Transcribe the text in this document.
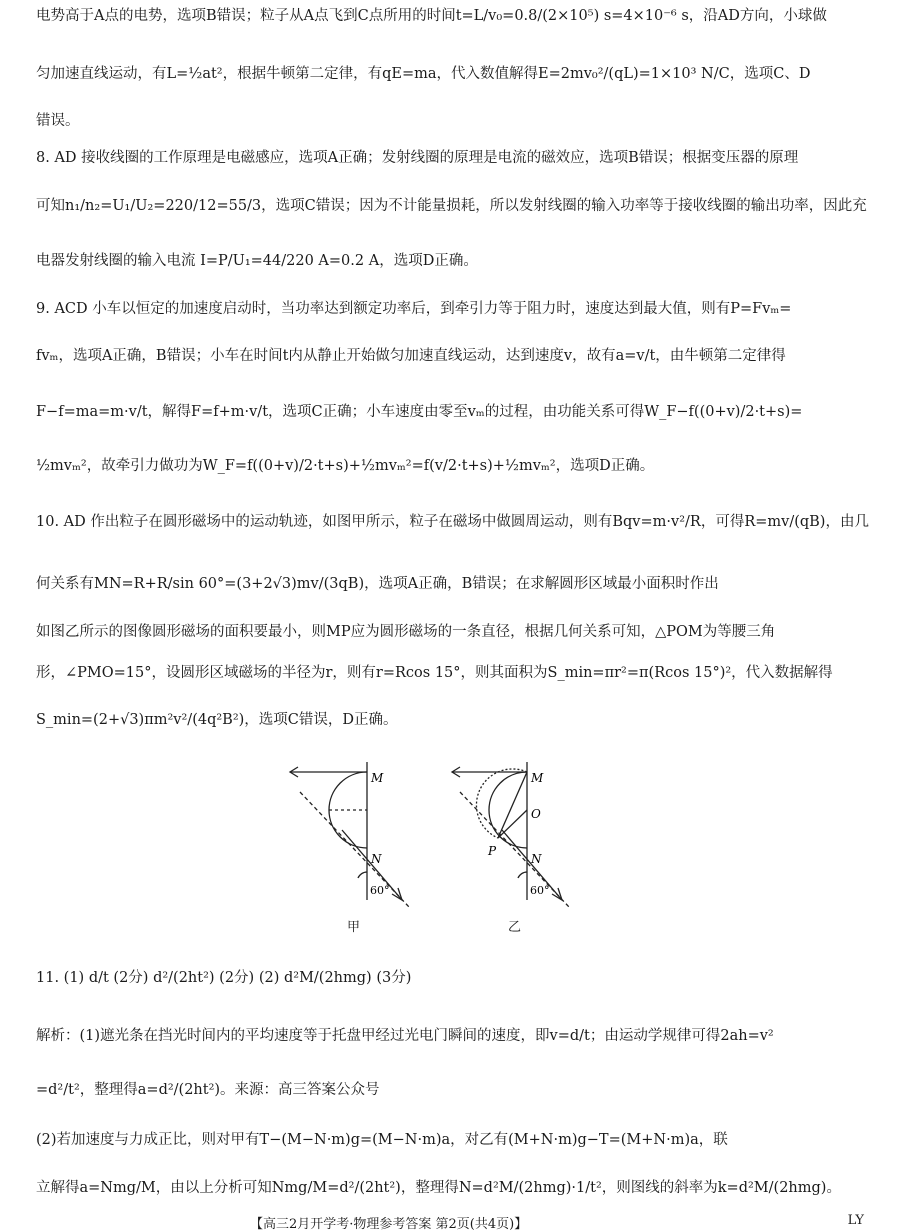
电势高于A点的电势，选项B错误；粒子从A点飞到C点所用的时间t=L/v₀=0.8/(2×10⁵) s=4×10⁻⁶ s，沿AD方向，小球做
匀加速直线运动，有L=½at²，根据牛顿第二定律，有qE=ma，代入数值解得E=2mv₀²/(qL)=1×10³ N/C，选项C、D
错误。
8. AD 接收线圈的工作原理是电磁感应，选项A正确；发射线圈的原理是电流的磁效应，选项B错误；根据变压器的原理
可知n₁/n₂=U₁/U₂=220/12=55/3，选项C错误；因为不计能量损耗，所以发射线圈的输入功率等于接收线圈的输出功率，因此充
电器发射线圈的输入电流 I=P/U₁=44/220 A=0.2 A，选项D正确。
9. ACD 小车以恒定的加速度启动时，当功率达到额定功率后，到牵引力等于阻力时，速度达到最大值，则有P=Fvₘ=
fvₘ，选项A正确，B错误；小车在时间t内从静止开始做匀加速直线运动，达到速度v，故有a=v/t，由牛顿第二定律得
F−f=ma=m·v/t，解得F=f+m·v/t，选项C正确；小车速度由零至vₘ的过程，由功能关系可得W_F−f((0+v)/2·t+s)=
½mvₘ²，故牵引力做功为W_F=f((0+v)/2·t+s)+½mvₘ²=f(v/2·t+s)+½mvₘ²，选项D正确。
10. AD 作出粒子在圆形磁场中的运动轨迹，如图甲所示，粒子在磁场中做圆周运动，则有Bqv=m·v²/R，可得R=mv/(qB)，由几
何关系有MN=R+R/sin 60°=(3+2√3)mv/(3qB)，选项A正确，B错误；在求解圆形区域最小面积时作出
如图乙所示的图像圆形磁场的面积要最小，则MP应为圆形磁场的一条直径，根据几何关系可知，△POM为等腰三角
形，∠PMO=15°，设圆形区域磁场的半径为r，则有r=Rcos 15°，则其面积为S_min=πr²=π(Rcos 15°)²，代入数据解得
S_min=(2+√3)πm²v²/(4q²B²)，选项C错误，D正确。
M
N
60°
甲
M
O
P
N
60°
乙
11. (1) d/t (2分) d²/(2ht²) (2分) (2) d²M/(2hmg) (3分)
解析：(1)遮光条在挡光时间内的平均速度等于托盘甲经过光电门瞬间的速度，即v=d/t；由运动学规律可得2ah=v²
=d²/t²，整理得a=d²/(2ht²)。来源：高三答案公众号
(2)若加速度与力成正比，则对甲有T−(M−N·m)g=(M−N·m)a，对乙有(M+N·m)g−T=(M+N·m)a，联
立解得a=Nmg/M，由以上分析可知Nmg/M=d²/(2ht²)，整理得N=d²M/(2hmg)·1/t²，则图线的斜率为k=d²M/(2hmg)。
【高三2月开学考·物理参考答案 第2页(共4页)】	LY
